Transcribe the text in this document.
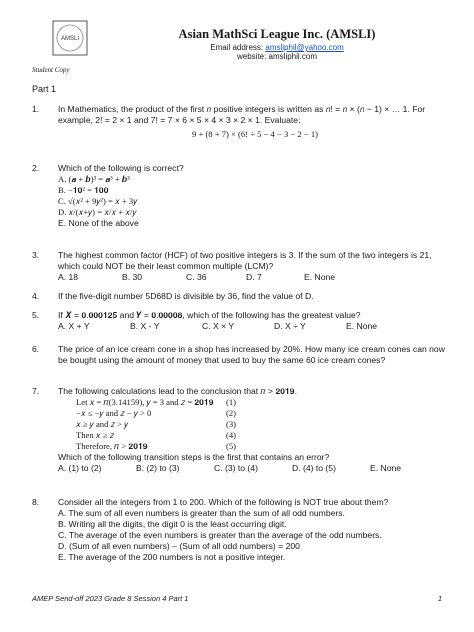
AMSLI	Asian MathSci League Inc. (AMSLI)
Email address: amsliphil@yahoo.com
website: amsliphil.com
Student Copy
Part 1
1. In Mathematics, the product of the first 𝑛 positive integers is written as 𝑛! = 𝑛 × (𝑛 − 1) × … 1. For example, 2! = 2 × 1 and 7! = 7 × 6 × 5 × 4 × 3 × 2 × 1. Evaluate:
9 + (8 + 7) × (6! ÷ 5 − 4 − 3 − 2 − 1)
2. Which of the following is correct?
A. (𝒂 + 𝒃)³ = 𝒂³ + 𝒃³
B. −𝟏𝟎² = 𝟏𝟎𝟎
C. √(𝑥² + 9𝑦²) = 𝑥 + 3𝑦
D. 𝑥/(𝑥+𝑦) = 𝑥/𝑥 + 𝑥/𝑦
E. None of the above
3. The highest common factor (HCF) of two positive integers is 3. If the sum of the two integers is 21, which could NOT be their least common multiple (LCM)?
A. 18	B. 30	C. 36	D. 7	E. None
4. If the five-digit number 5D68D is divisible by 36, find the value of D.
5. If 𝑿 = 𝟎.𝟎𝟎𝟎𝟏𝟐𝟓 and 𝒀 = 𝟎.𝟎𝟎𝟎𝟎𝟖, which of the following has the greatest value?
A. X + Y	B. X - Y	C. X × Y	D. X ÷ Y	E. None
6. The price of an ice cream cone in a shop has increased by 20%. How many ice cream cones can now be bought using the amount of money that used to buy the same 60 ice cream cones?
7. The following calculations lead to the conclusion that 𝜋 > 𝟐𝟎𝟏𝟗.
Let 𝑥 = 𝜋(3.14159), 𝑦 = 3 and 𝑧 = 𝟐𝟎𝟏𝟗	(1)
−𝑥 ≤ −𝑦 and 𝑧 − 𝑦 > 0	(2)
𝑥 ≥ 𝑦 and 𝑧 > 𝑦	(3)
Then 𝑥 ≥ 𝑧	(4)
Therefore, 𝜋 > 𝟐𝟎𝟏𝟗	(5)
Which of the following transition steps is the first that contains an error?
A. (1) to (2)	B. (2) to (3)	C. (3) to (4)	D. (4) to (5)	E. None
8. Consider all the integers from 1 to 200. Which of the following is NOT true about them?
A. The sum of all even numbers is greater than the sum of all odd numbers.
B. Writing all the digits, the digit 0 is the least occurring digit.
C. The average of the even numbers is greater than the average of the odd numbers.
D. (Sum of all even numbers) – (Sum of all odd numbers) = 200
E. The average of the 200 numbers is not a positive integer.
AMEP Send-off 2023 Grade 8 Session 4 Part 1	1
